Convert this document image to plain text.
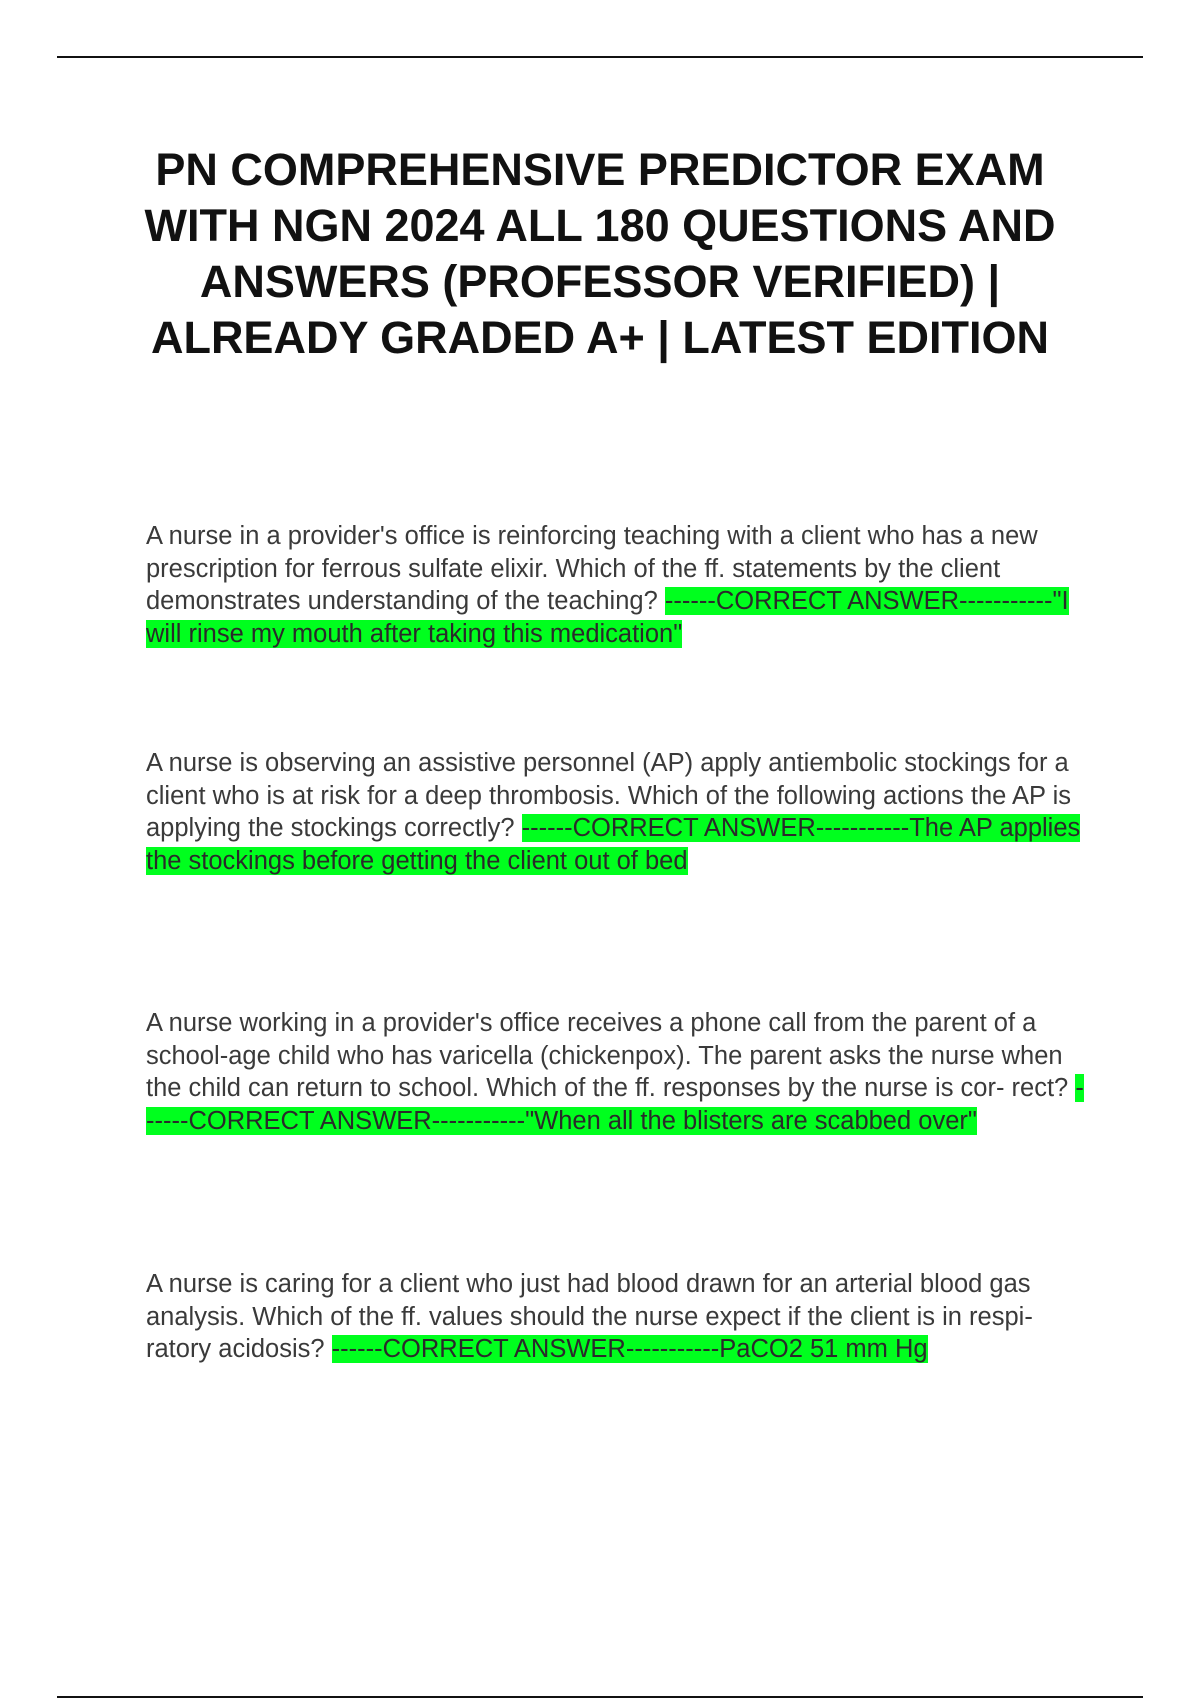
PN COMPREHENSIVE PREDICTOR EXAM WITH NGN 2024 ALL 180 QUESTIONS AND ANSWERS (PROFESSOR VERIFIED) | ALREADY GRADED A+ | LATEST EDITION

A nurse in a provider's office is reinforcing teaching with a client who has a new prescription for ferrous sulfate elixir. Which of the ff. statements by the client demonstrates understanding of the teaching? ------CORRECT ANSWER-----------"I will rinse my mouth after taking this medication"

A nurse is observing an assistive personnel (AP) apply antiembolic stockings for a client who is at risk for a deep thrombosis. Which of the following actions the AP is applying the stockings correctly? ------CORRECT ANSWER-----------The AP applies the stockings before getting the client out of bed

A nurse working in a provider's office receives a phone call from the parent of a school-age child who has varicella (chickenpox). The parent asks the nurse when the child can return to school. Which of the ff. responses by the nurse is cor- rect? ------CORRECT ANSWER-----------"When all the blisters are scabbed over"

A nurse is caring for a client who just had blood drawn for an arterial blood gas analysis. Which of the ff. values should the nurse expect if the client is in respi- ratory acidosis? ------CORRECT ANSWER-----------PaCO2 51 mm Hg
